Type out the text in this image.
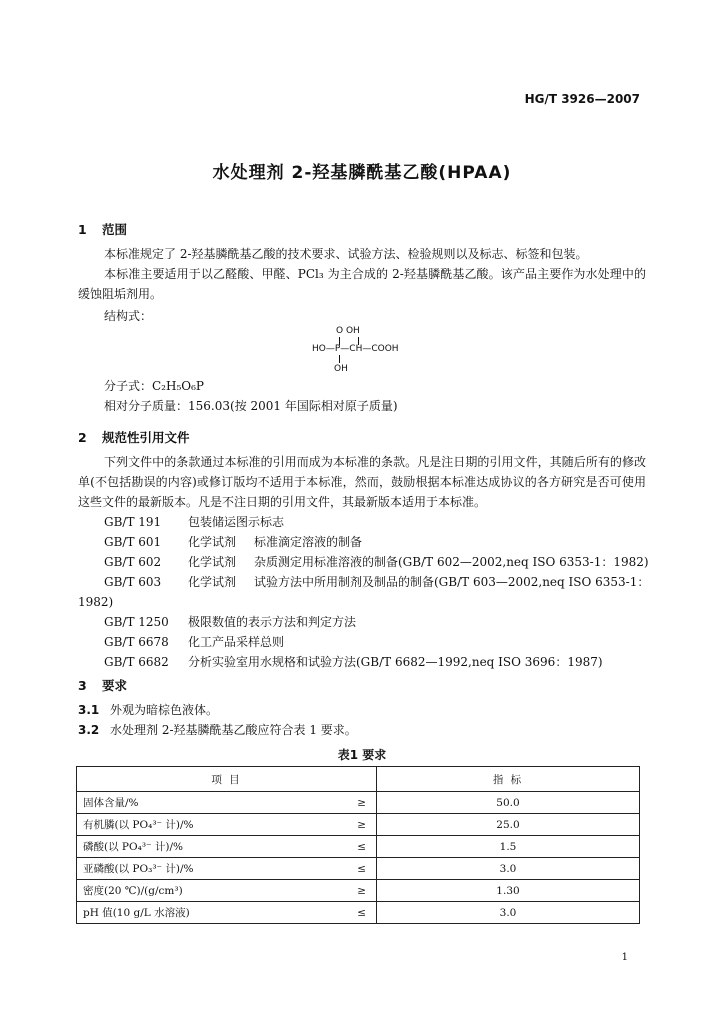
HG/T 3926—2007
水处理剂 2-羟基膦酰基乙酸(HPAA)
1 范围
本标准规定了 2-羟基膦酰基乙酸的技术要求、试验方法、检验规则以及标志、标签和包装。
本标准主要适用于以乙醛酸、甲醛、PCl₃ 为主合成的 2-羟基膦酰基乙酸。该产品主要作为水处理中的缓蚀阻垢剂用。
结构式：
O OH
HO—P—CH—COOH
OH
分子式：C₂H₅O₆P
相对分子质量：156.03(按 2001 年国际相对原子质量)
2 规范性引用文件
下列文件中的条款通过本标准的引用而成为本标准的条款。凡是注日期的引用文件，其随后所有的修改单(不包括勘误的内容)或修订版均不适用于本标准，然而，鼓励根据本标准达成协议的各方研究是否可使用这些文件的最新版本。凡是不注日期的引用文件，其最新版本适用于本标准。
GB/T 191 包装储运图示标志
GB/T 601 化学试剂 标准滴定溶液的制备
GB/T 602 化学试剂 杂质测定用标准溶液的制备(GB/T 602—2002,neq ISO 6353-1：1982)
GB/T 603 化学试剂 试验方法中所用制剂及制品的制备(GB/T 603—2002,neq ISO 6353-1：
1982)
GB/T 1250 极限数值的表示方法和判定方法
GB/T 6678 化工产品采样总则
GB/T 6682 分析实验室用水规格和试验方法(GB/T 6682—1992,neq ISO 3696：1987)
3 要求
3.1 外观为暗棕色液体。
3.2 水处理剂 2-羟基膦酰基乙酸应符合表 1 要求。
表1 要求
项 目		指 标
固体含量/%	≥	50.0
有机膦(以 PO₄³⁻ 计)/%	≥	25.0
磷酸(以 PO₄³⁻ 计)/%	≤	1.5
亚磷酸(以 PO₃³⁻ 计)/%	≤	3.0
密度(20 ℃)/(g/cm³)	≥	1.30
pH 值(10 g/L 水溶液)	≤	3.0
1
